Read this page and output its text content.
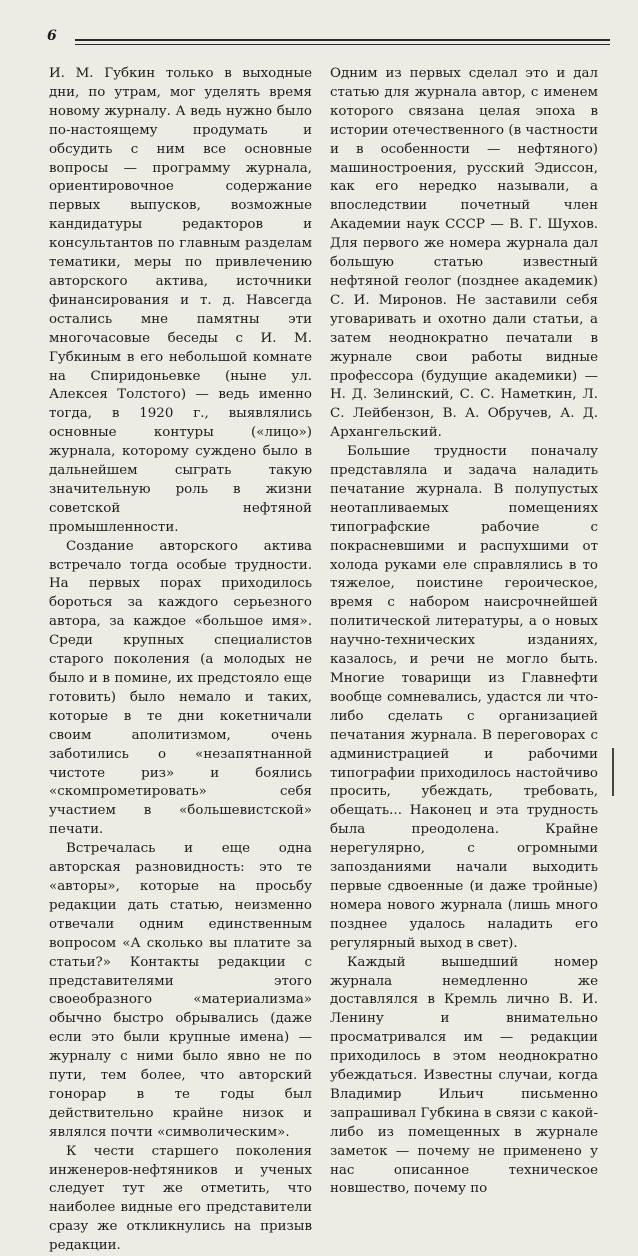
6

И. М. Губкин только в выходные дни, по утрам, мог уделять время новому журналу. А ведь нужно было по-настоящему продумать и обсудить с ним все основные вопросы — программу журнала, ориентировочное содержание первых выпусков, возможные кандидатуры редакторов и консультантов по главным разделам тематики, меры по привлечению авторского актива, источники финансирования и т. д. Навсегда остались мне памятны эти многочасовые беседы с И. М. Губкиным в его небольшой комнате на Спиридоньевке (ныне ул. Алексея Толстого) — ведь именно тогда, в 1920 г., выявлялись основные контуры («лицо») журнала, которому суждено было в дальнейшем сыграть такую значительную роль в жизни советской нефтяной промышленности.

Создание авторского актива встречало тогда особые трудности. На первых порах приходилось бороться за каждого серьезного автора, за каждое «большое имя». Среди крупных специалистов старого поколения (а молодых не было и в помине, их предстояло еще готовить) было немало и таких, которые в те дни кокетничали своим аполитизмом, очень заботились о «незапятнанной чистоте риз» и боялись «скомпрометировать» себя участием в «большевистской» печати.

Встречалась и еще одна авторская разновидность: это те «авторы», которые на просьбу редакции дать статью, неизменно отвечали одним единственным вопросом «А сколько вы платите за статьи?» Контакты редакции с представителями этого своеобразного «материализма» обычно быстро обрывались (даже если это были крупные имена) — журналу с ними было явно не по пути, тем более, что авторский гонорар в те годы был действительно крайне низок и являлся почти «символическим».

К чести старшего поколения инженеров-нефтяников и ученых следует тут же отметить, что наиболее видные его представители сразу же откликнулись на призыв редакции.

Одним из первых сделал это и дал статью для журнала автор, с именем которого связана целая эпоха в истории отечественного (в частности и в особенности — нефтяного) машиностроения, русский Эдиссон, как его нередко называли, а впоследствии почетный член Академии наук СССР — В. Г. Шухов. Для первого же номера журнала дал большую статью известный нефтяной геолог (позднее академик) С. И. Миронов. Не заставили себя уговаривать и охотно дали статьи, а затем неоднократно печатали в журнале свои работы видные профессора (будущие академики) — Н. Д. Зелинский, С. С. Наметкин, Л. С. Лейбензон, В. А. Обручев, А. Д. Архангельский.

Большие трудности поначалу представляла и задача наладить печатание журнала. В полупустых неотапливаемых помещениях типографские рабочие с покрасневшими и распухшими от холода руками еле справлялись в то тяжелое, поистине героическое, время с набором наисрочнейшей политической литературы, а о новых научно-технических изданиях, казалось, и речи не могло быть. Многие товарищи из Главнефти вообще сомневались, удастся ли что-либо сделать с организацией печатания журнала. В переговорах с администрацией и рабочими типографии приходилось настойчиво просить, убеждать, требовать, обещать... Наконец и эта трудность была преодолена. Крайне нерегулярно, с огромными запозданиями начали выходить первые сдвоенные (и даже тройные) номера нового журнала (лишь много позднее удалось наладить его регулярный выход в свет).

Каждый вышедший номер журнала немедленно же доставлялся в Кремль лично В. И. Ленину и внимательно просматривался им — редакции приходилось в этом неоднократно убеждаться. Известны случаи, когда Владимир Ильич письменно запрашивал Губкина в связи с какой-либо из помещенных в журнале заметок — почему не применено у нас описанное техническое новшество, почему по
